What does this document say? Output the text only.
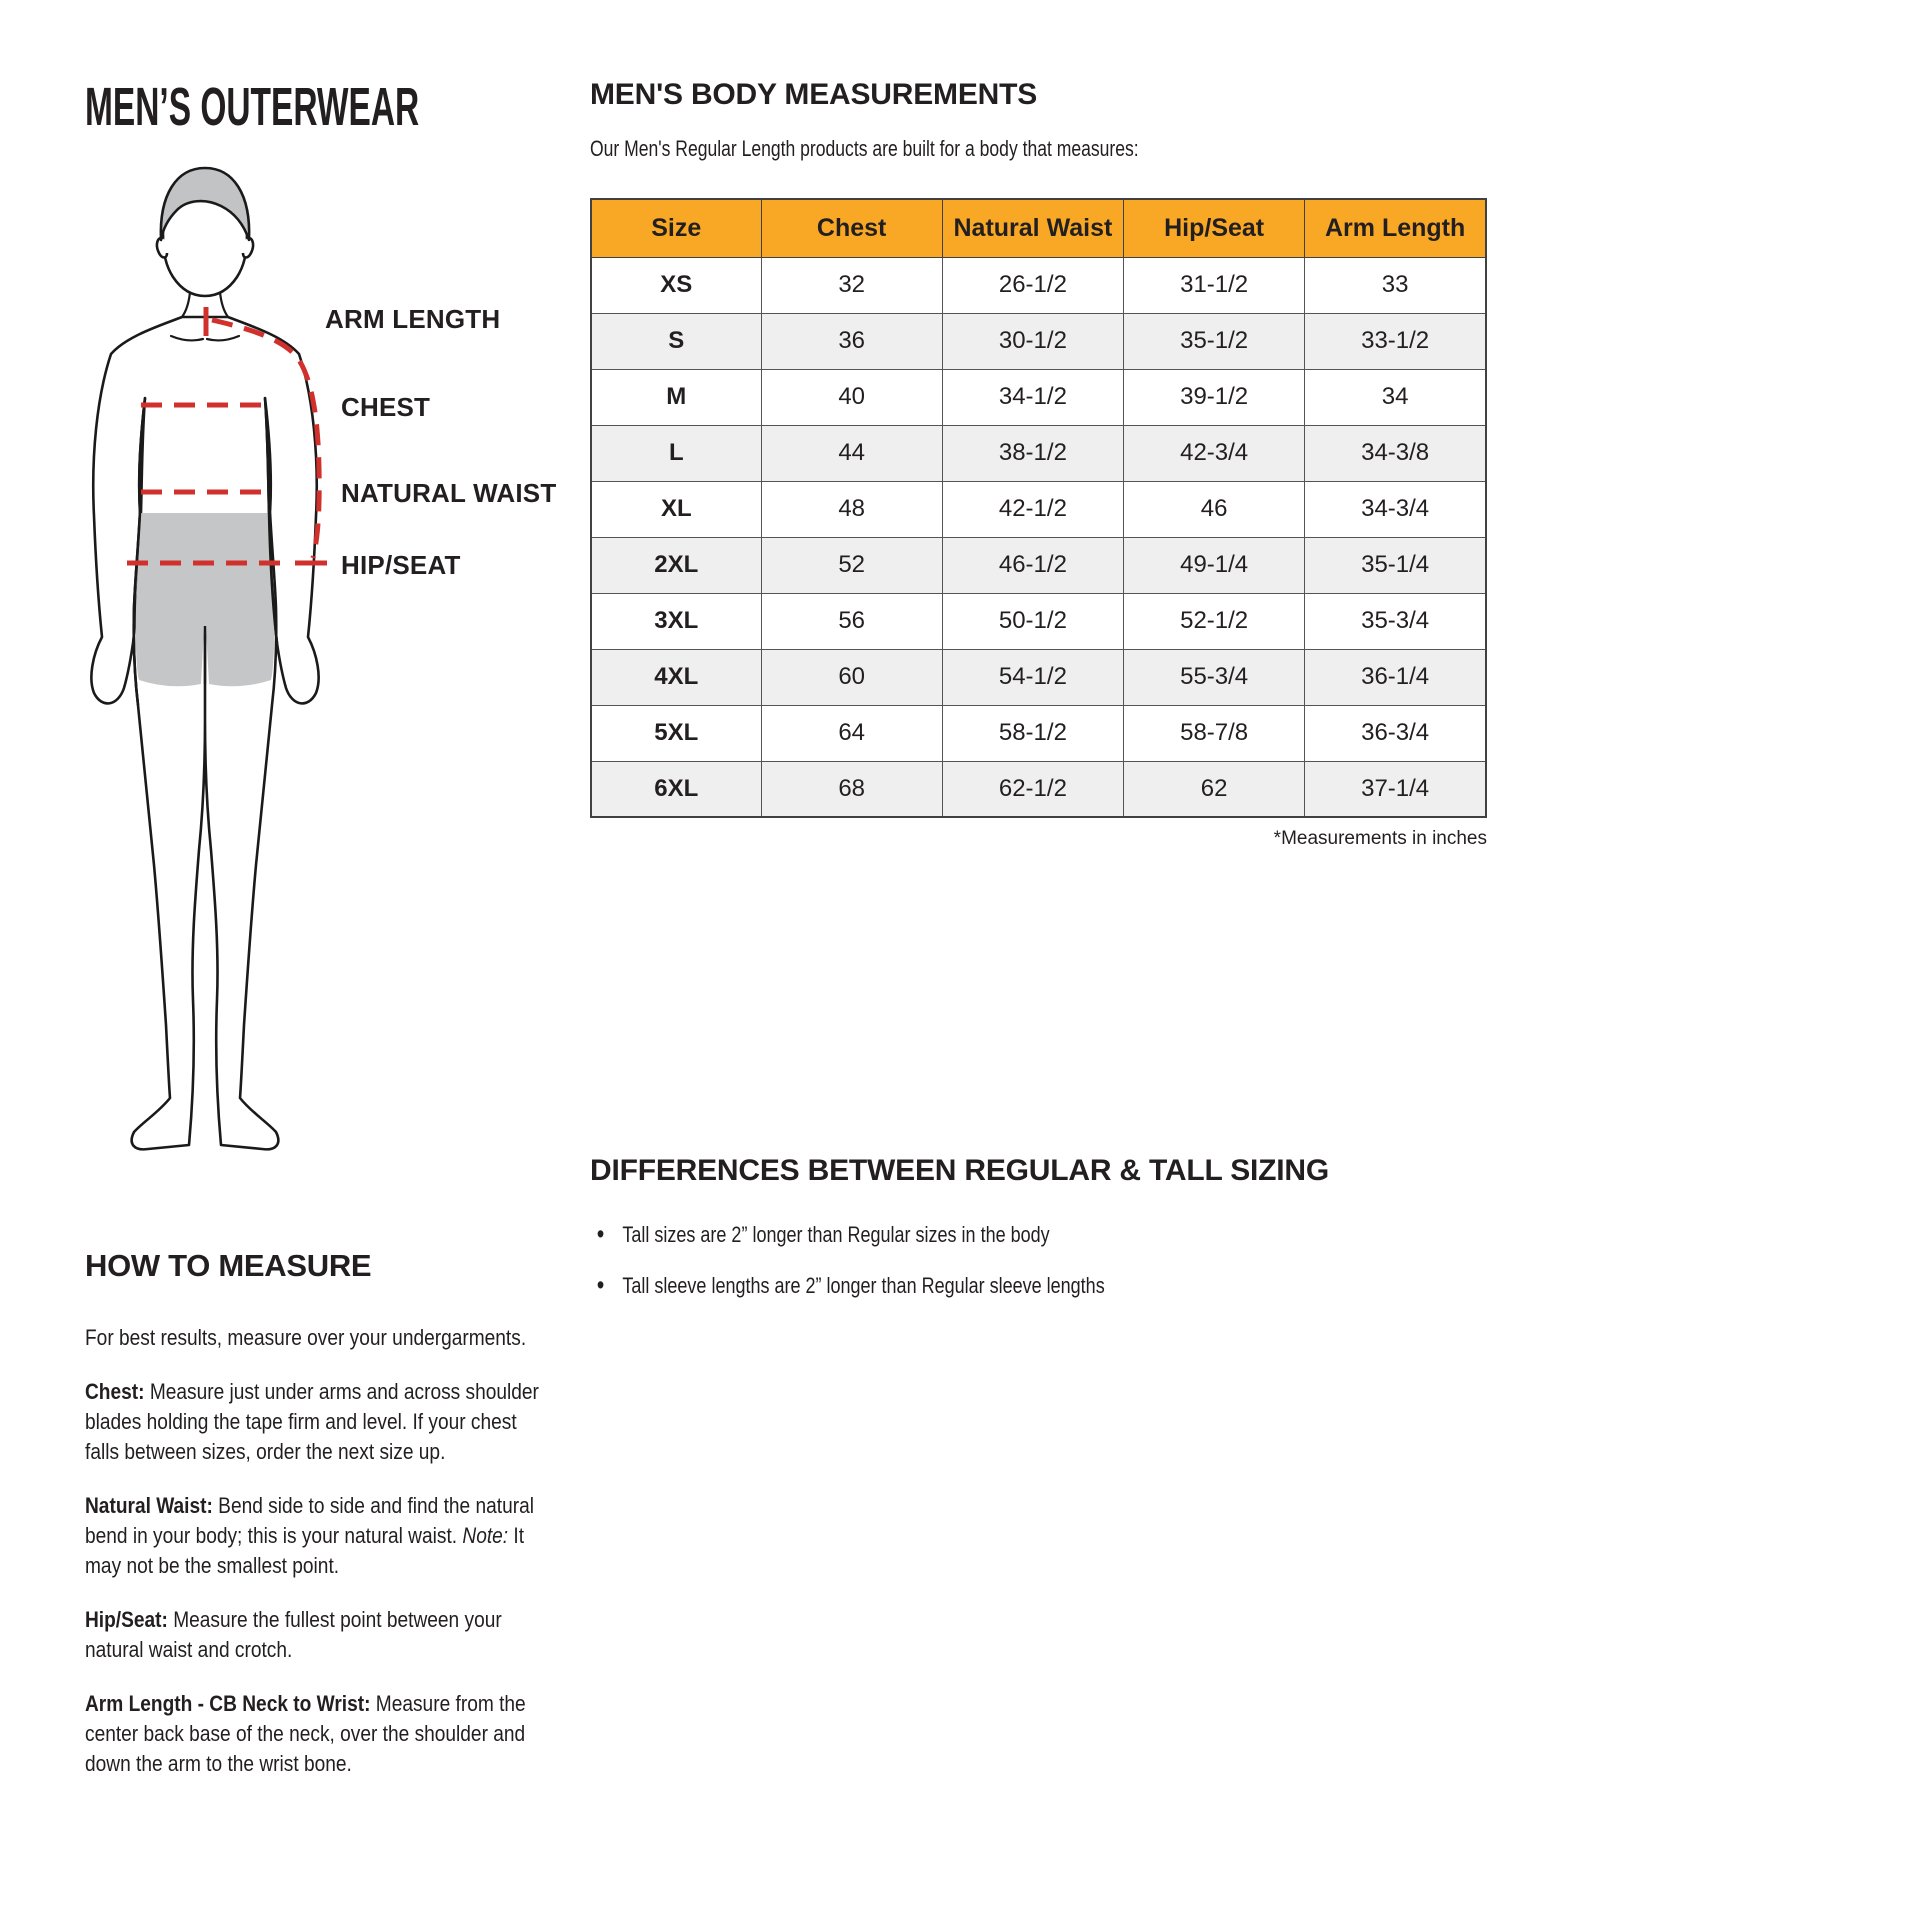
MEN’S OUTERWEAR
ARM LENGTH
CHEST
NATURAL WAIST
HIP/SEAT
HOW TO MEASURE

For best results, measure over your undergarments.

Chest: Measure just under arms and across shoulder blades holding the tape firm and level. If your chest falls between sizes, order the next size up.

Natural Waist: Bend side to side and find the natural bend in your body; this is your natural waist. Note: It may not be the smallest point.

Hip/Seat: Measure the fullest point between your natural waist and crotch.

Arm Length - CB Neck to Wrist: Measure from the center back base of the neck, over the shoulder and down the arm to the wrist bone.

MEN'S BODY MEASUREMENTS
Our Men's Regular Length products are built for a body that measures:
Size	Chest	Natural Waist	Hip/Seat	Arm Length
XS	32	26-1/2	31-1/2	33
S	36	30-1/2	35-1/2	33-1/2
M	40	34-1/2	39-1/2	34
L	44	38-1/2	42-3/4	34-3/8
XL	48	42-1/2	46	34-3/4
2XL	52	46-1/2	49-1/4	35-1/4
3XL	56	50-1/2	52-1/2	35-3/4
4XL	60	54-1/2	55-3/4	36-1/4
5XL	64	58-1/2	58-7/8	36-3/4
6XL	68	62-1/2	62	37-1/4
*Measurements in inches
DIFFERENCES BETWEEN REGULAR & TALL SIZING
• Tall sizes are 2” longer than Regular sizes in the body
• Tall sleeve lengths are 2” longer than Regular sleeve lengths
